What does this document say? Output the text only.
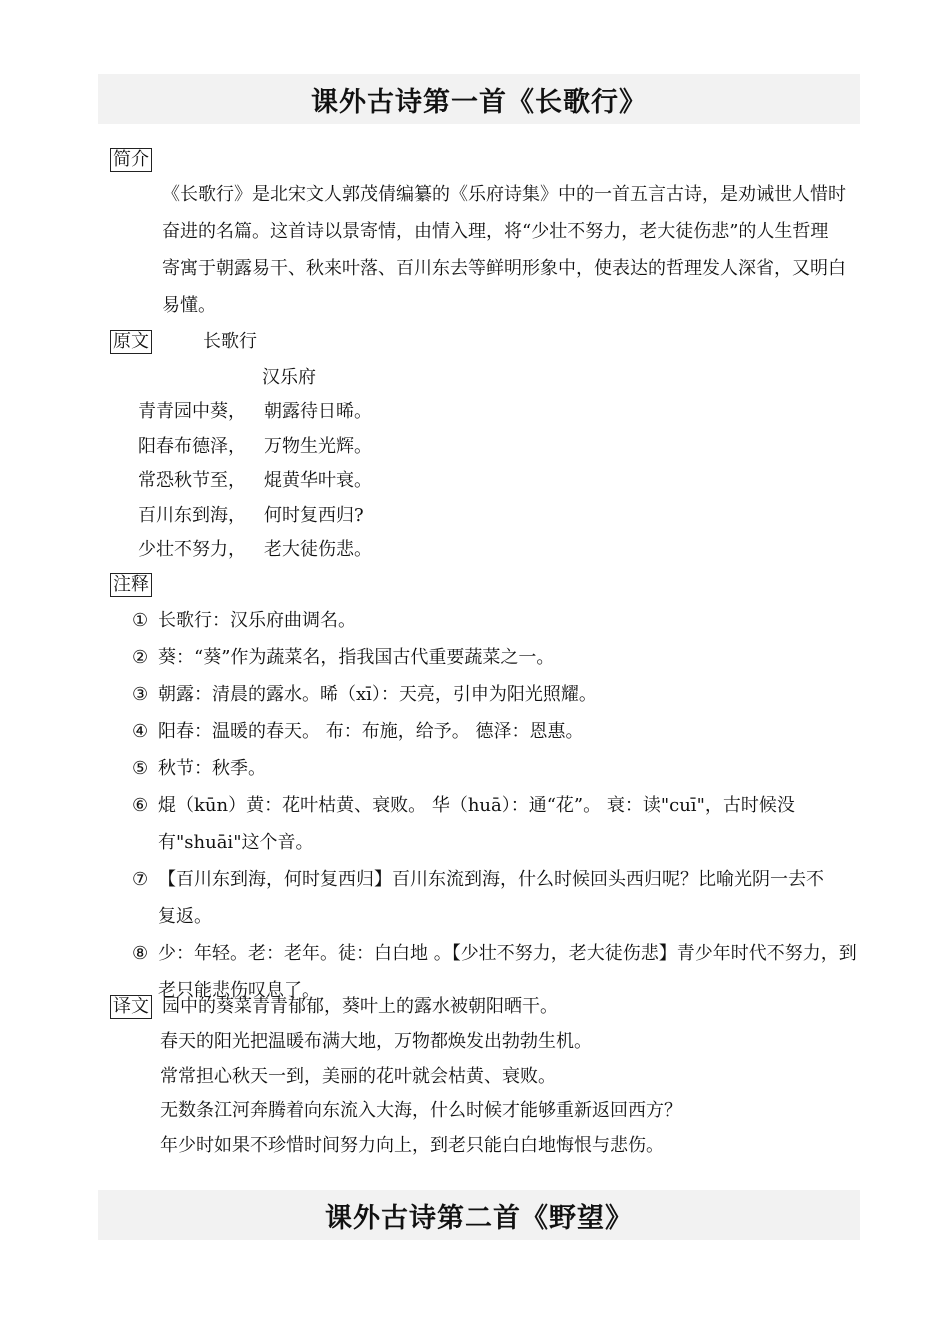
课外古诗第一首《长歌行》
简介
《长歌行》是北宋文人郭茂倩编纂的《乐府诗集》中的一首五言古诗，是劝诫世人惜时
奋进的名篇。这首诗以景寄情，由情入理，将“少壮不努力，老大徒伤悲”的人生哲理
寄寓于朝露易干、秋来叶落、百川东去等鲜明形象中，使表达的哲理发人深省，又明白
易懂。
原文	长歌行
汉乐府
青青园中葵， 朝露待日晞。
阳春布德泽， 万物生光辉。
常恐秋节至， 焜黄华叶衰。
百川东到海， 何时复西归?
少壮不努力， 老大徒伤悲。
注释
① 长歌行：汉乐府曲调名。
② 葵：“葵”作为蔬菜名，指我国古代重要蔬菜之一。
③ 朝露：清晨的露水。晞（xī）：天亮，引申为阳光照耀。
④ 阳春：温暖的春天。 布：布施，给予。 德泽：恩惠。
⑤ 秋节：秋季。
⑥ 焜（kūn）黄：花叶枯黄、衰败。 华（huā）：通“花”。 衰：读"cuī"，古时候没
有"shuāi"这个音。
⑦ 【百川东到海，何时复西归】百川东流到海，什么时候回头西归呢？比喻光阴一去不
复返。
⑧ 少：年轻。老：老年。徒：白白地 。【少壮不努力，老大徒伤悲】青少年时代不努力，到
老只能悲伤叹息了。
译文 园中的葵菜青青郁郁，葵叶上的露水被朝阳晒干。
春天的阳光把温暖布满大地，万物都焕发出勃勃生机。
常常担心秋天一到，美丽的花叶就会枯黄、衰败。
无数条江河奔腾着向东流入大海，什么时候才能够重新返回西方？
年少时如果不珍惜时间努力向上，到老只能白白地悔恨与悲伤。
课外古诗第二首《野望》
